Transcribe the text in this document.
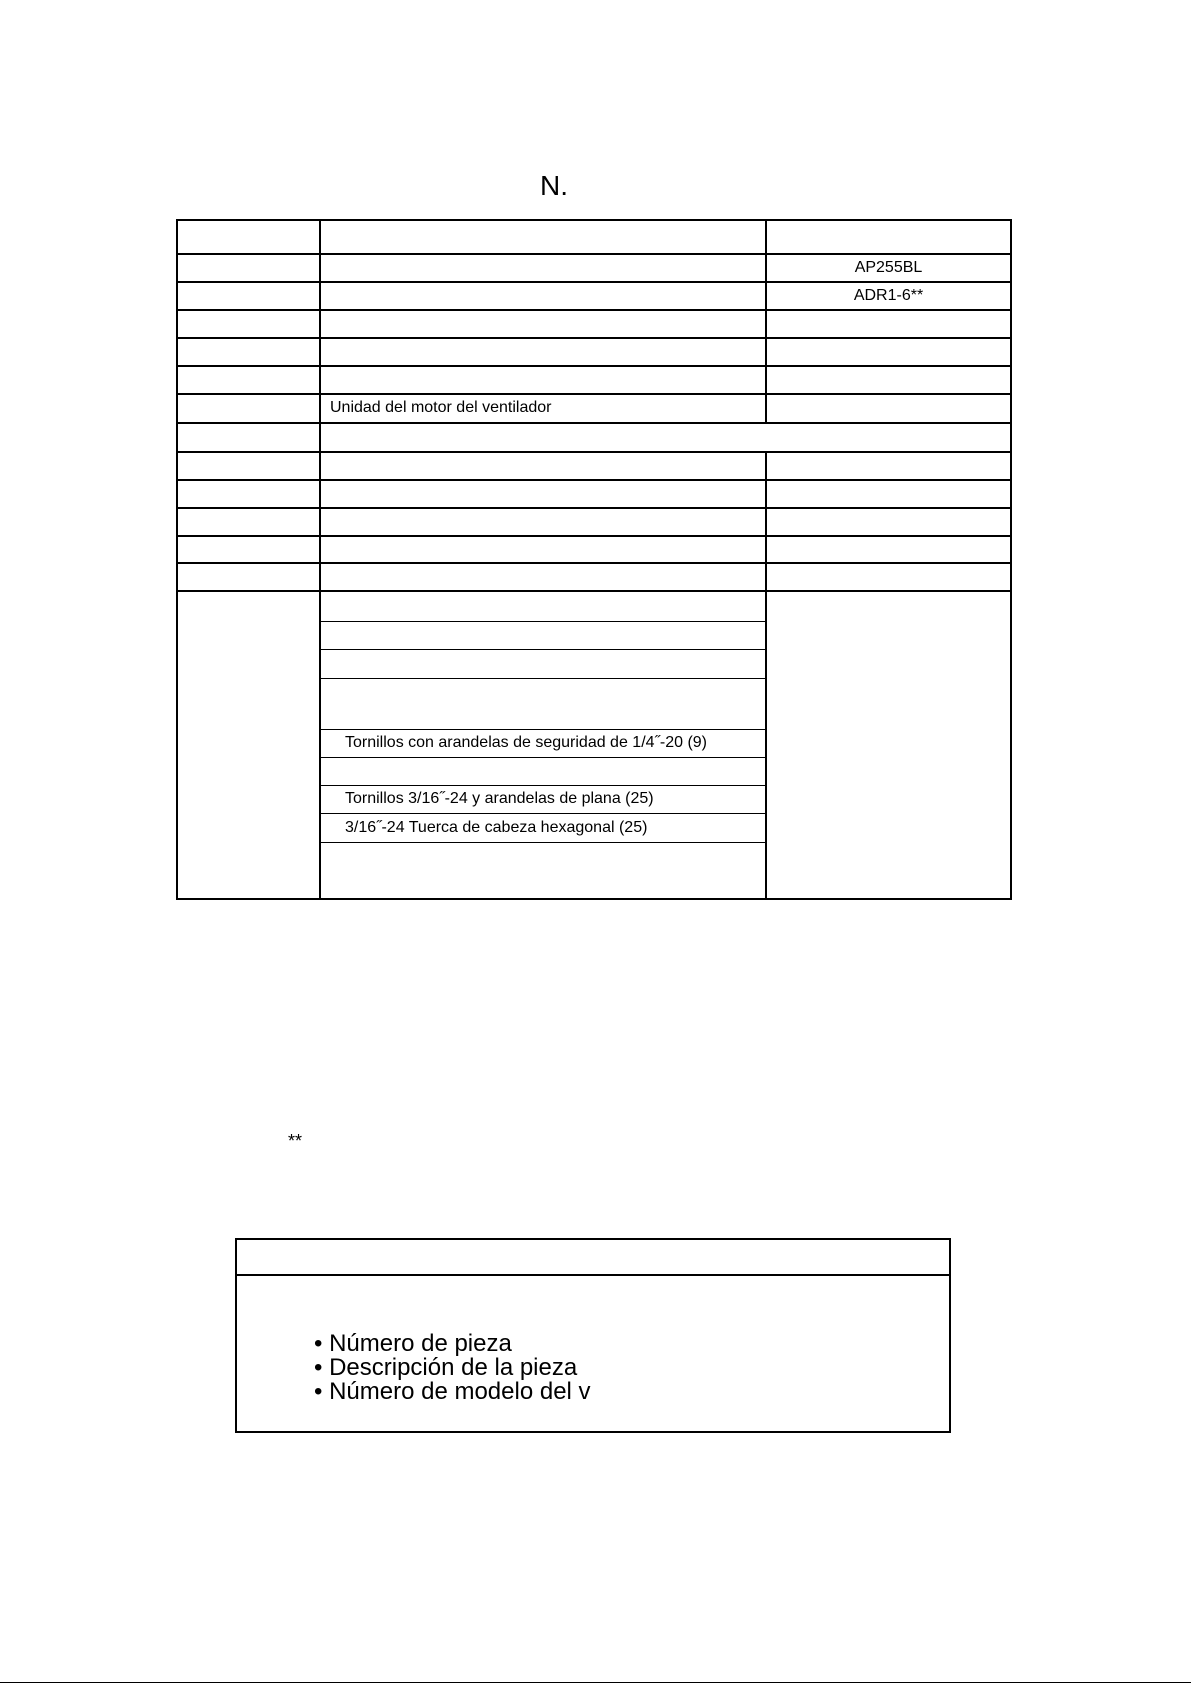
N.
AP255BL
ADR1-6**
Unidad del motor del ventilador
Tornillos con arandelas de seguridad de 1/4˝-20 (9)
Tornillos 3/16˝-24 y arandelas de plana (25)
3/16˝-24 Tuerca de cabeza hexagonal (25)
**
• Número de pieza
• Descripción de la pieza
• Número de modelo del v
